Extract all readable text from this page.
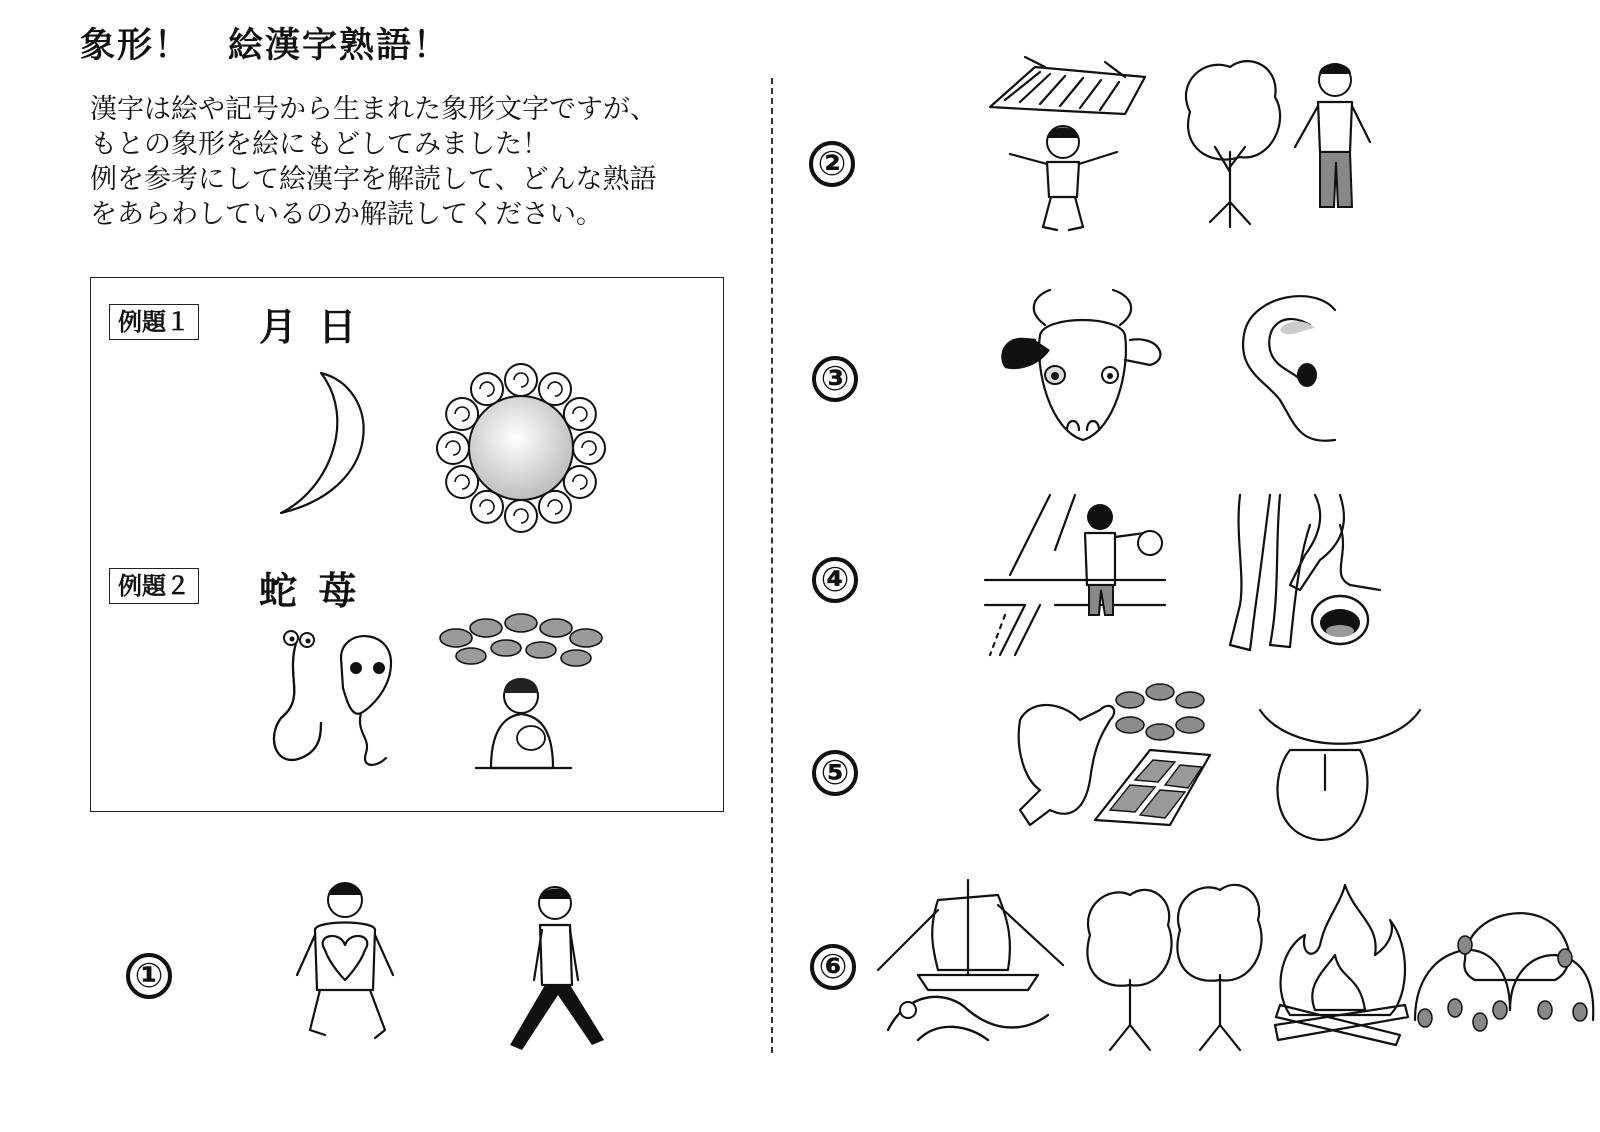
象形！　絵漢字熟語！
漢字は絵や記号から生まれた象形文字ですが、
もとの象形を絵にもどしてみました！
例を参考にして絵漢字を解読して、どんな熟語
をあらわしているのか解読してください。
例題１ 月 日
例題２ 蛇 苺
①
②
③
④
⑤
⑥
